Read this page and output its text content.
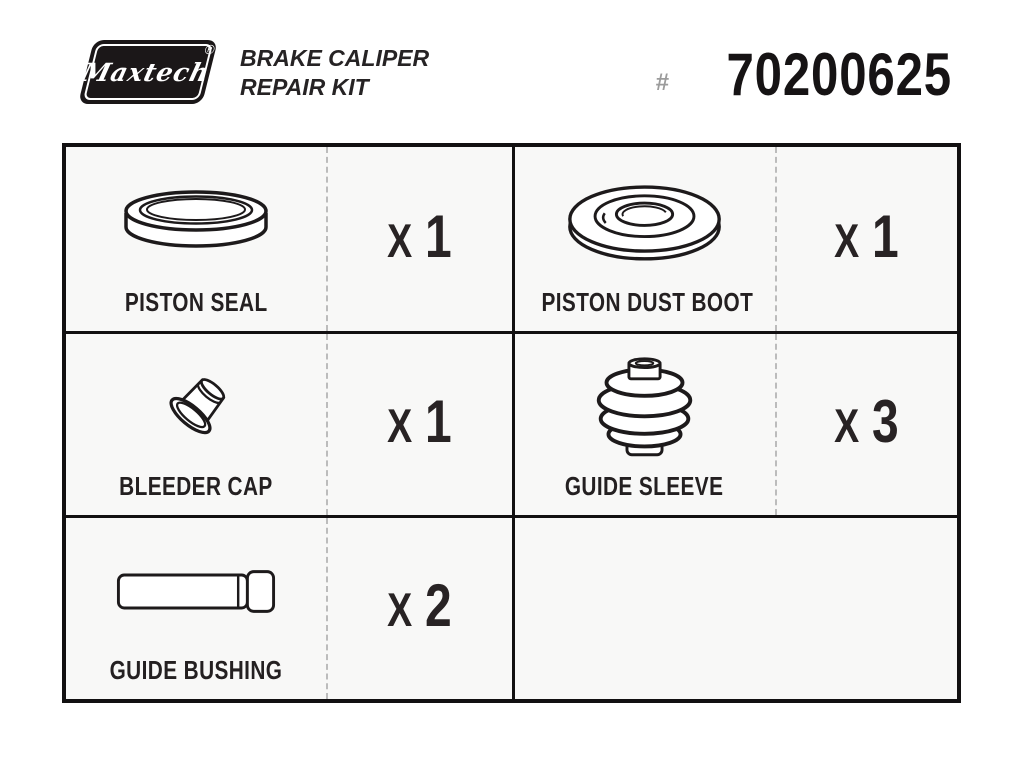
Maxtech
® BRAKE CALIPER
REPAIR KIT	# 70200625
PISTON SEAL
X 1
PISTON DUST BOOT
X 1
BLEEDER CAP
X 1
GUIDE SLEEVE
X 3
GUIDE BUSHING
X 2
